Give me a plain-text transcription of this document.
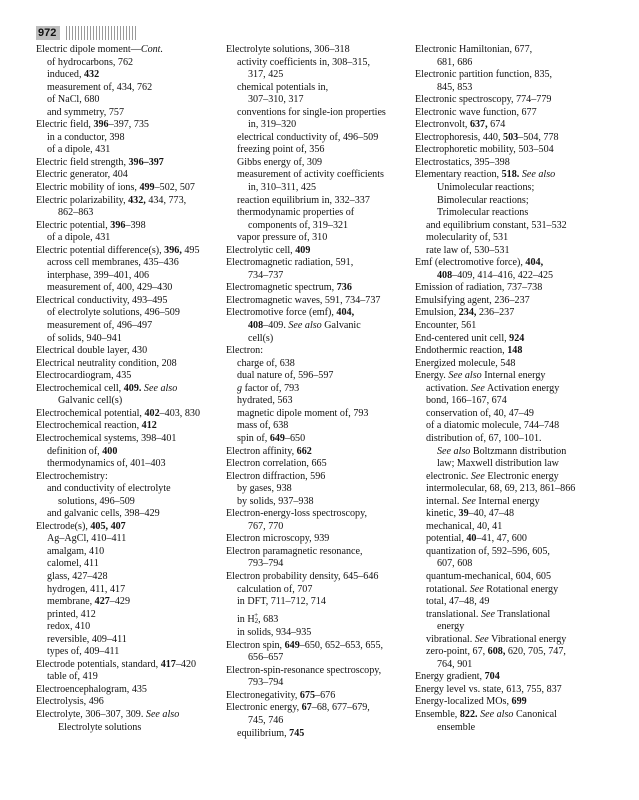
972
Electric dipole moment—Cont.
of hydrocarbons, 762
induced, 432
measurement of, 434, 762
of NaCl, 680
and symmetry, 757
Electric field, 396–397, 735
in a conductor, 398
of a dipole, 431
Electric field strength, 396–397
Electric generator, 404
Electric mobility of ions, 499–502, 507
Electric polarizability, 432, 434, 773,
862–863
Electric potential, 396–398
of a dipole, 431
Electric potential difference(s), 396, 495
across cell membranes, 435–436
interphase, 399–401, 406
measurement of, 400, 429–430
Electrical conductivity, 493–495
of electrolyte solutions, 496–509
measurement of, 496–497
of solids, 940–941
Electrical double layer, 430
Electrical neutrality condition, 208
Electrocardiogram, 435
Electrochemical cell, 409. See also
Galvanic cell(s)
Electrochemical potential, 402–403, 830
Electrochemical reaction, 412
Electrochemical systems, 398–401
definition of, 400
thermodynamics of, 401–403
Electrochemistry:
and conductivity of electrolyte
solutions, 496–509
and galvanic cells, 398–429
Electrode(s), 405, 407
Ag–AgCl, 410–411
amalgam, 410
calomel, 411
glass, 427–428
hydrogen, 411, 417
membrane, 427–429
printed, 412
redox, 410
reversible, 409–411
types of, 409–411
Electrode potentials, standard, 417–420
table of, 419
Electroencephalogram, 435
Electrolysis, 496
Electrolyte, 306–307, 309. See also
Electrolyte solutions
Electrolyte solutions, 306–318
activity coefficients in, 308–315,
317, 425
chemical potentials in,
307–310, 317
conventions for single-ion properties
in, 319–320
electrical conductivity of, 496–509
freezing point of, 356
Gibbs energy of, 309
measurement of activity coefficients
in, 310–311, 425
reaction equilibrium in, 332–337
thermodynamic properties of
components of, 319–321
vapor pressure of, 310
Electrolytic cell, 409
Electromagnetic radiation, 591,
734–737
Electromagnetic spectrum, 736
Electromagnetic waves, 591, 734–737
Electromotive force (emf), 404,
408–409. See also Galvanic
cell(s)
Electron:
charge of, 638
dual nature of, 596–597
g factor of, 793
hydrated, 563
magnetic dipole moment of, 793
mass of, 638
spin of, 649–650
Electron affinity, 662
Electron correlation, 665
Electron diffraction, 596
by gases, 938
by solids, 937–938
Electron-energy-loss spectroscopy,
767, 770
Electron microscopy, 939
Electron paramagnetic resonance,
793–794
Electron probability density, 645–646
calculation of, 707
in DFT, 711–712, 714
in $H_2^+$, 683
in solids, 934–935
Electron spin, 649–650, 652–653, 655,
656–657
Electron-spin-resonance spectroscopy,
793–794
Electronegativity, 675–676
Electronic energy, 67–68, 677–679,
745, 746
equilibrium, 745
Electronic Hamiltonian, 677,
681, 686
Electronic partition function, 835,
845, 853
Electronic spectroscopy, 774–779
Electronic wave function, 677
Electronvolt, 637, 674
Electrophoresis, 440, 503–504, 778
Electrophoretic mobility, 503–504
Electrostatics, 395–398
Elementary reaction, 518. See also
Unimolecular reactions;
Bimolecular reactions;
Trimolecular reactions
and equilibrium constant, 531–532
molecularity of, 531
rate law of, 530–531
Emf (electromotive force), 404,
408–409, 414–416, 422–425
Emission of radiation, 737–738
Emulsifying agent, 236–237
Emulsion, 234, 236–237
Encounter, 561
End-centered unit cell, 924
Endothermic reaction, 148
Energized molecule, 548
Energy. See also Internal energy
activation. See Activation energy
bond, 166–167, 674
conservation of, 40, 47–49
of a diatomic molecule, 744–748
distribution of, 67, 100–101.
See also Boltzmann distribution
law; Maxwell distribution law
electronic. See Electronic energy
intermolecular, 68, 69, 213, 861–866
internal. See Internal energy
kinetic, 39–40, 47–48
mechanical, 40, 41
potential, 40–41, 47, 600
quantization of, 592–596, 605,
607, 608
quantum-mechanical, 604, 605
rotational. See Rotational energy
total, 47–48, 49
translational. See Translational
energy
vibrational. See Vibrational energy
zero-point, 67, 608, 620, 705, 747,
764, 901
Energy gradient, 704
Energy level vs. state, 613, 755, 837
Energy-localized MOs, 699
Ensemble, 822. See also Canonical
ensemble
